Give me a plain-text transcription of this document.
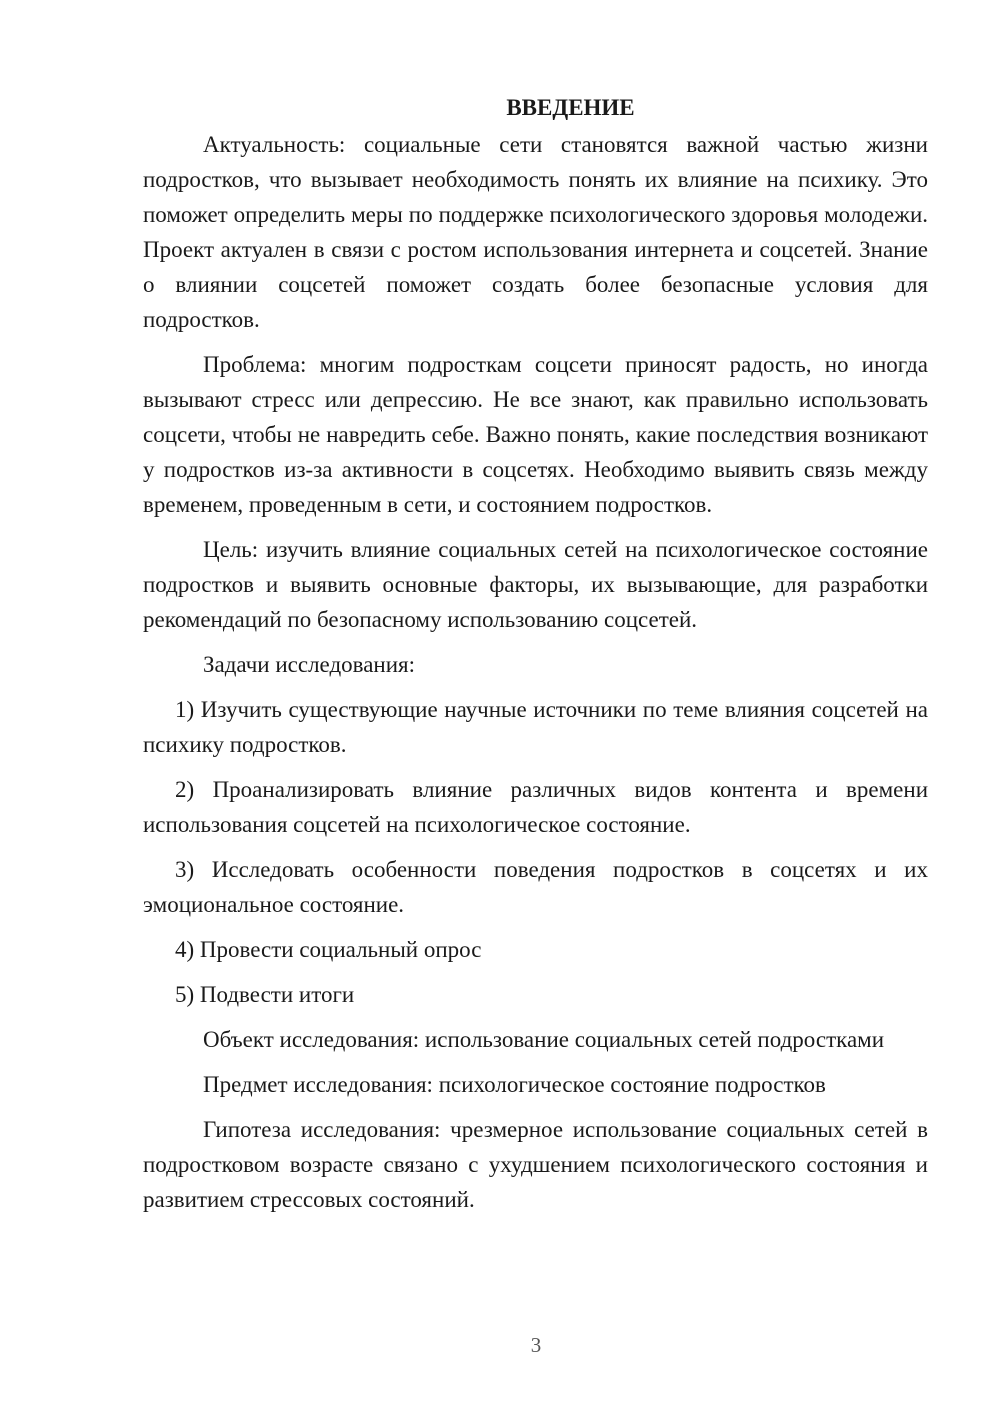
ВВЕДЕНИЕ

Актуальность: социальные сети становятся важной частью жизни подростков, что вызывает необходимость понять их влияние на психику. Это поможет определить меры по поддержке психологического здоровья молодежи. Проект актуален в связи с ростом использования интернета и соцсетей. Знание о влиянии соцсетей поможет создать более безопасные условия для подростков.

Проблема: многим подросткам соцсети приносят радость, но иногда вызывают стресс или депрессию. Не все знают, как правильно использовать соцсети, чтобы не навредить себе. Важно понять, какие последствия возникают у подростков из-за активности в соцсетях. Необходимо выявить связь между временем, проведенным в сети, и состоянием подростков.

Цель: изучить влияние социальных сетей на психологическое состояние подростков и выявить основные факторы, их вызывающие, для разработки рекомендаций по безопасному использованию соцсетей.

Задачи исследования:

1) Изучить существующие научные источники по теме влияния соцсетей на психику подростков.

2) Проанализировать влияние различных видов контента и времени использования соцсетей на психологическое состояние.

3) Исследовать особенности поведения подростков в соцсетях и их эмоциональное состояние.

4) Провести социальный опрос

5) Подвести итоги

Объект исследования: использование социальных сетей подростками

Предмет исследования: психологическое состояние подростков

Гипотеза исследования: чрезмерное использование социальных сетей в подростковом возрасте связано с ухудшением психологического состояния и развитием стрессовых состояний.

3
